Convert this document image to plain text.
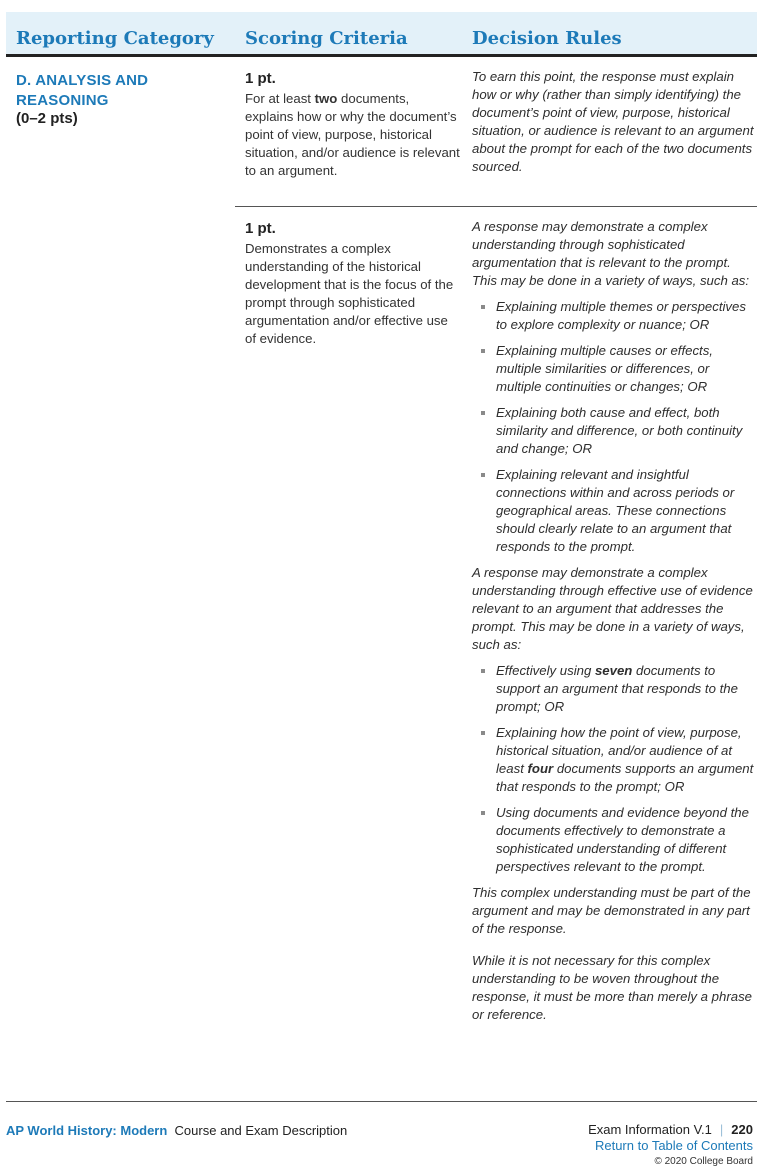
Reporting Category Scoring Criteria	Decision Rules
D. ANALYSIS AND
REASONING
(0–2 pts)
1 pt.
For at least two documents, explains how or why the document’s point of view, purpose, historical situation, and/or audience is relevant to an argument.

To earn this point, the response must explain how or why (rather than simply identifying) the document’s point of view, purpose, historical situation, or audience is relevant to an argument about the prompt for each of the two documents sourced.

1 pt.
Demonstrates a complex understanding of the historical development that is the focus of the prompt through sophisticated argumentation and/or effective use of evidence.

A response may demonstrate a complex understanding through sophisticated argumentation that is relevant to the prompt. This may be done in a variety of ways, such as:

Explaining multiple themes or perspectives to explore complexity or nuance; OR
Explaining multiple causes or effects, multiple similarities or differences, or multiple continuities or changes; OR
Explaining both cause and effect, both similarity and difference, or both continuity and change; OR
Explaining relevant and insightful connections within and across periods or geographical areas. These connections should clearly relate to an argument that responds to the prompt.

A response may demonstrate a complex understanding through effective use of evidence relevant to an argument that addresses the prompt. This may be done in a variety of ways, such as:

Effectively using seven documents to support an argument that responds to the prompt; OR
Explaining how the point of view, purpose, historical situation, and/or audience of at least four documents supports an argument that responds to the prompt; OR
Using documents and evidence beyond the documents effectively to demonstrate a sophisticated understanding of different perspectives relevant to the prompt.

This complex understanding must be part of the argument and may be demonstrated in any part of the response.

While it is not necessary for this complex understanding to be woven throughout the response, it must be more than merely a phrase or reference.

AP World History: Modern Course and Exam Description	Exam Information V.1 | 220
Return to Table of Contents
© 2020 College Board
